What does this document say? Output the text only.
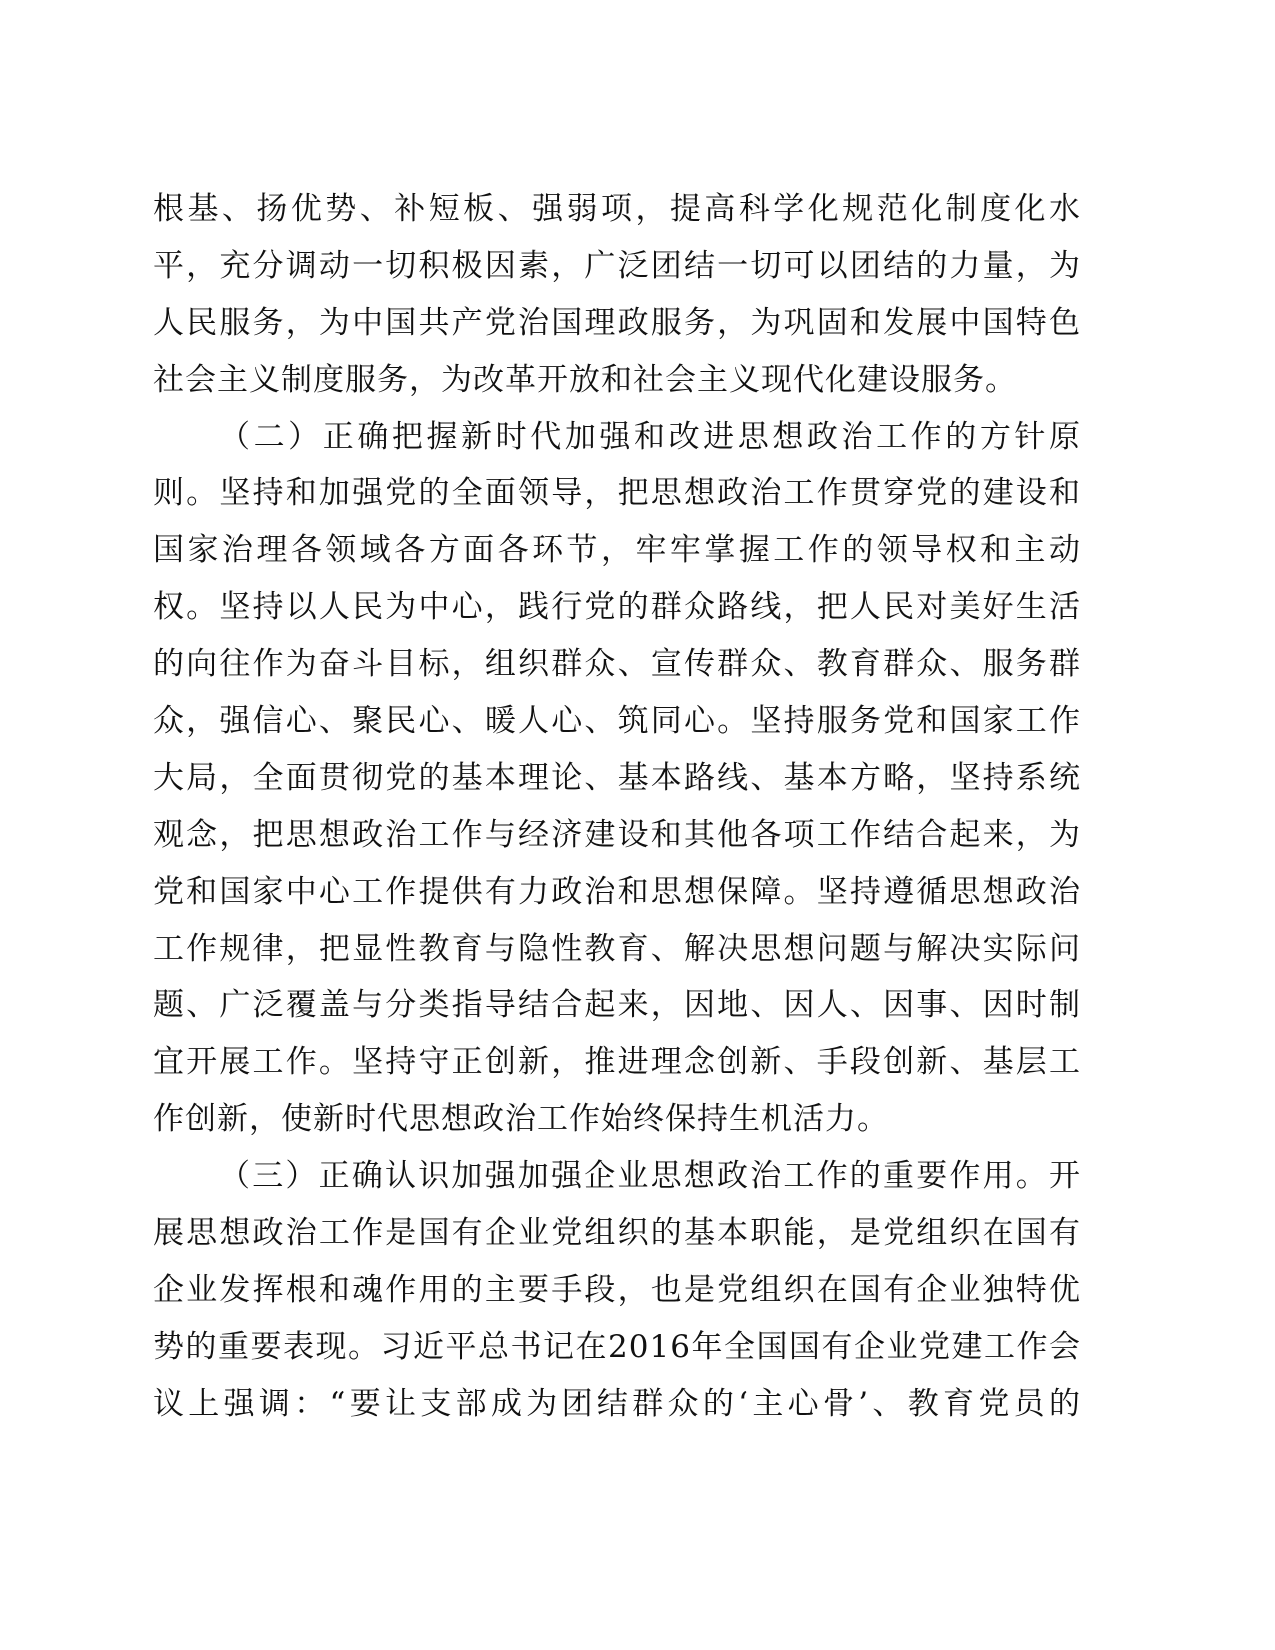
根基、扬优势、补短板、强弱项，提高科学化规范化制度化水
平，充分调动一切积极因素，广泛团结一切可以团结的力量，为
人民服务，为中国共产党治国理政服务，为巩固和发展中国特色
社会主义制度服务，为改革开放和社会主义现代化建设服务。
（二）正确把握新时代加强和改进思想政治工作的方针原
则。坚持和加强党的全面领导，把思想政治工作贯穿党的建设和
国家治理各领域各方面各环节，牢牢掌握工作的领导权和主动
权。坚持以人民为中心，践行党的群众路线，把人民对美好生活
的向往作为奋斗目标，组织群众、宣传群众、教育群众、服务群
众，强信心、聚民心、暖人心、筑同心。坚持服务党和国家工作
大局，全面贯彻党的基本理论、基本路线、基本方略，坚持系统
观念，把思想政治工作与经济建设和其他各项工作结合起来，为
党和国家中心工作提供有力政治和思想保障。坚持遵循思想政治
工作规律，把显性教育与隐性教育、解决思想问题与解决实际问
题、广泛覆盖与分类指导结合起来，因地、因人、因事、因时制
宜开展工作。坚持守正创新，推进理念创新、手段创新、基层工
作创新，使新时代思想政治工作始终保持生机活力。
（三）正确认识加强加强企业思想政治工作的重要作用。开
展思想政治工作是国有企业党组织的基本职能，是党组织在国有
企业发挥根和魂作用的主要手段，也是党组织在国有企业独特优
势的重要表现。习近平总书记在2016年全国国有企业党建工作会
议上强调：“要让支部成为团结群众的‘主心骨’、教育党员的
